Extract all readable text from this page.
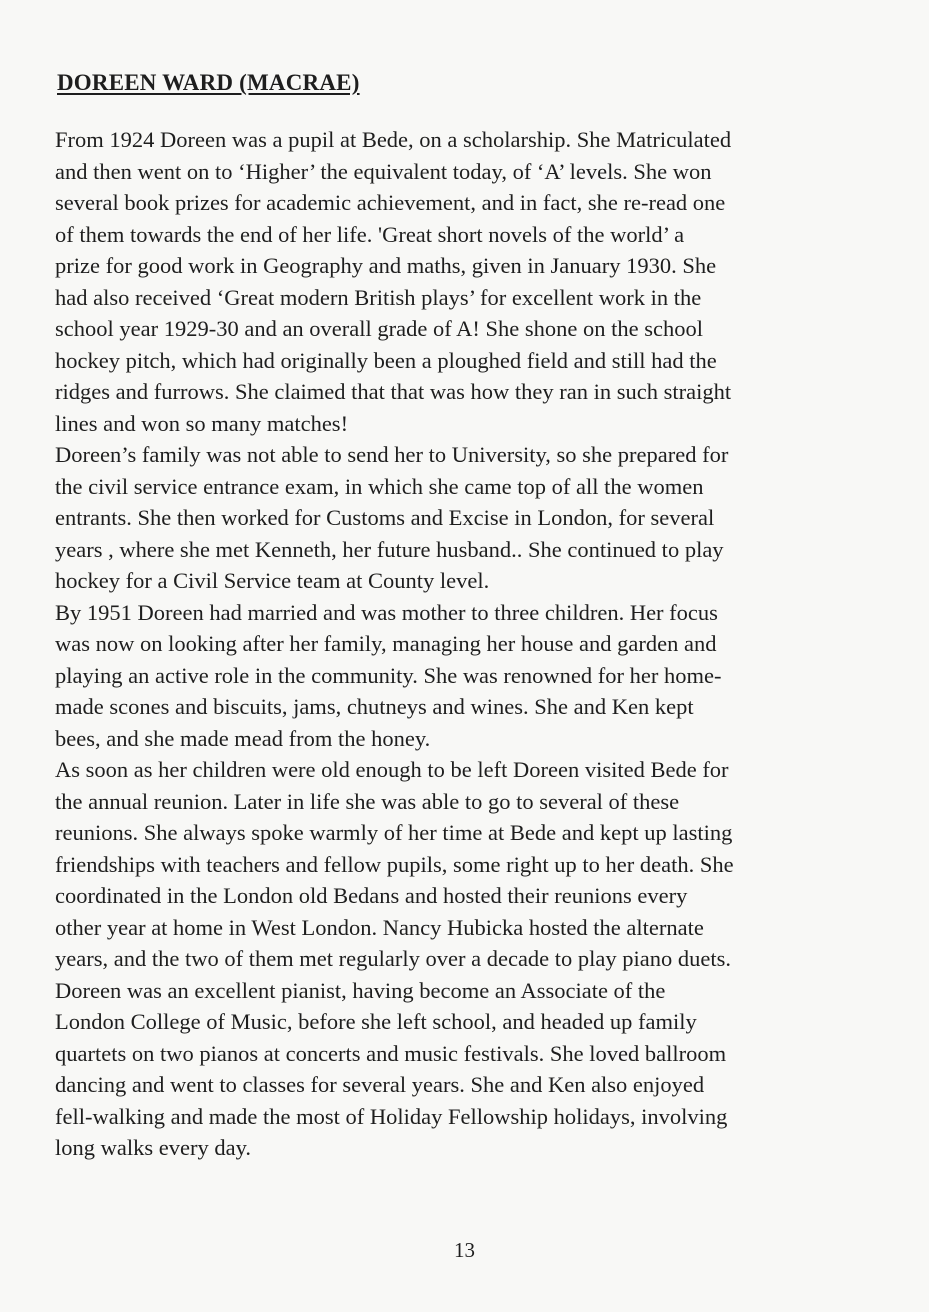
DOREEN WARD (MACRAE)
From 1924 Doreen was a pupil at Bede, on a scholarship. She Matriculated
and then went on to ‘Higher’ the equivalent today, of ‘A’ levels. She won
several book prizes for academic achievement, and in fact, she re-read one
of them towards the end of her life. 'Great short novels of the world’ a
prize for good work in Geography and maths, given in January 1930. She
had also received ‘Great modern British plays’ for excellent work in the
school year 1929-30 and an overall grade of A! She shone on the school
hockey pitch, which had originally been a ploughed field and still had the
ridges and furrows. She claimed that that was how they ran in such straight
lines and won so many matches!
Doreen’s family was not able to send her to University, so she prepared for
the civil service entrance exam, in which she came top of all the women
entrants. She then worked for Customs and Excise in London, for several
years , where she met Kenneth, her future husband.. She continued to play
hockey for a Civil Service team at County level.
By 1951 Doreen had married and was mother to three children. Her focus
was now on looking after her family, managing her house and garden and
playing an active role in the community. She was renowned for her home-
made scones and biscuits, jams, chutneys and wines. She and Ken kept
bees, and she made mead from the honey.
As soon as her children were old enough to be left Doreen visited Bede for
the annual reunion. Later in life she was able to go to several of these
reunions. She always spoke warmly of her time at Bede and kept up lasting
friendships with teachers and fellow pupils, some right up to her death. She
coordinated in the London old Bedans and hosted their reunions every
other year at home in West London. Nancy Hubicka hosted the alternate
years, and the two of them met regularly over a decade to play piano duets.
Doreen was an excellent pianist, having become an Associate of the
London College of Music, before she left school, and headed up family
quartets on two pianos at concerts and music festivals. She loved ballroom
dancing and went to classes for several years. She and Ken also enjoyed
fell-walking and made the most of Holiday Fellowship holidays, involving
long walks every day.
13
